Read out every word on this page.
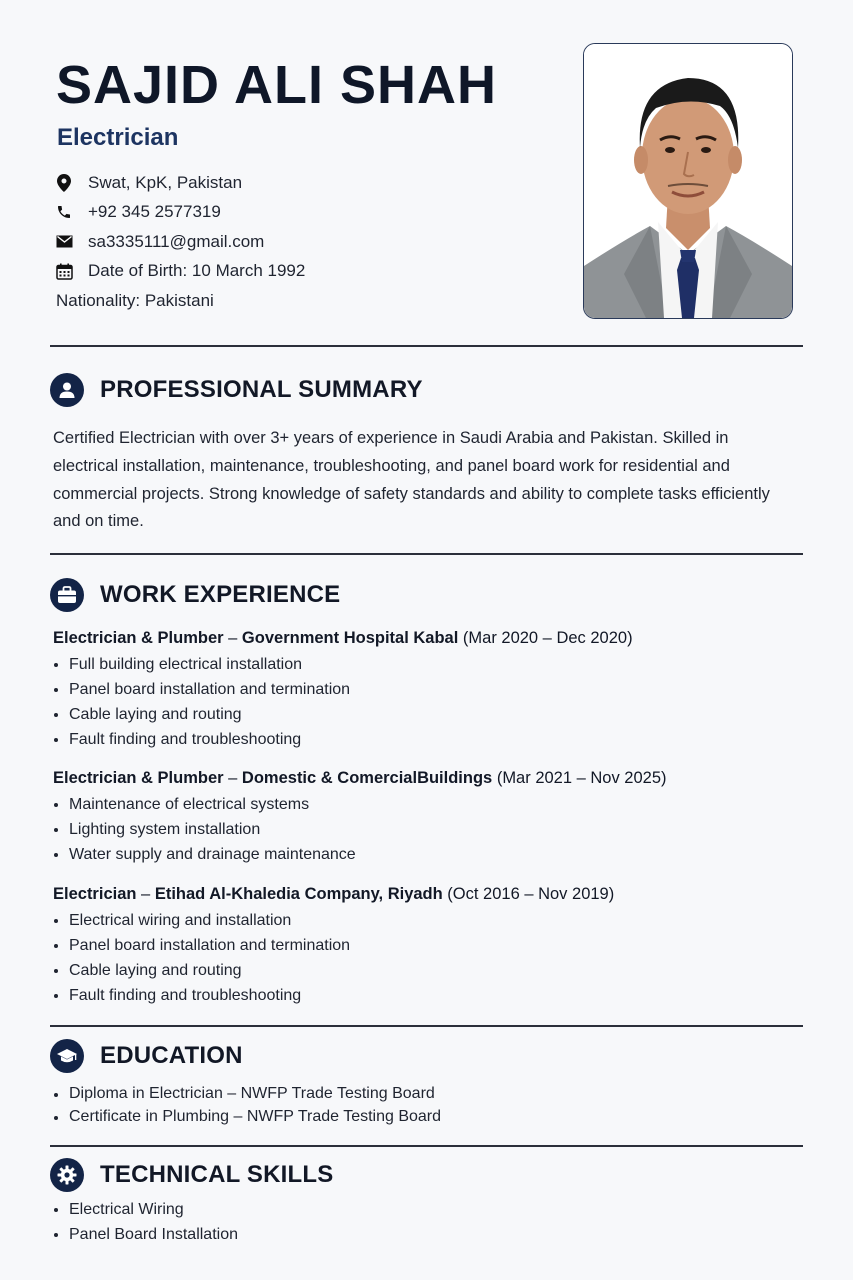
SAJID ALI SHAH
Electrician
Swat, KpK, Pakistan
+92 345 2577319
sa3335111@gmail.com
Date of Birth: 10 March 1992
Nationality: Pakistani
PROFESSIONAL SUMMARY

Certified Electrician with over 3+ years of experience in Saudi Arabia and Pakistan. Skilled in electrical installation, maintenance, troubleshooting, and panel board work for residential and commercial projects. Strong knowledge of safety standards and ability to complete tasks efficiently and on time.

WORK EXPERIENCE
Electrician & Plumber – Government Hospital Kabal (Mar 2020 – Dec 2020)
Full building electrical installation
Panel board installation and termination
Cable laying and routing
Fault finding and troubleshooting
Electrician & Plumber – Domestic & ComercialBuildings (Mar 2021 – Nov 2025)
Maintenance of electrical systems
Lighting system installation
Water supply and drainage maintenance
Electrician – Etihad Al-Khaledia Company, Riyadh (Oct 2016 – Nov 2019)
Electrical wiring and installation
Panel board installation and termination
Cable laying and routing
Fault finding and troubleshooting
EDUCATION
Diploma in Electrician – NWFP Trade Testing Board
Certificate in Plumbing – NWFP Trade Testing Board
TECHNICAL SKILLS
Electrical Wiring
Panel Board Installation
